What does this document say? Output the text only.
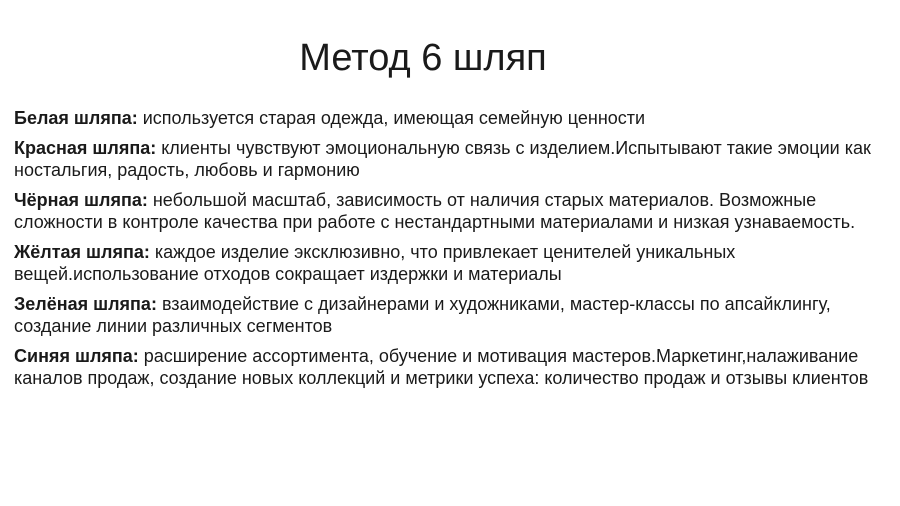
Метод 6 шляп

Белая шляпа: используется старая одежда, имеющая семейную ценности

Красная шляпа: клиенты чувствуют эмоциональную связь с изделием.Испытывают такие эмоции как ностальгия, радость, любовь и гармонию

Чёрная шляпа: небольшой масштаб, зависимость от наличия старых материалов. Возможные сложности в контроле качества при работе с нестандартными материалами и низкая узнаваемость.

Жёлтая шляпа: каждое изделие эксклюзивно, что привлекает ценителей уникальных вещей.использование отходов сокращает издержки и материалы

Зелёная шляпа: взаимодействие с дизайнерами и художниками, мастер-классы по апсайклингу, создание линии различных сегментов

Синяя шляпа: расширение ассортимента, обучение и мотивация мастеров.Маркетинг,налаживание каналов продаж, создание новых коллекций и метрики успеха: количество продаж и отзывы клиентов
